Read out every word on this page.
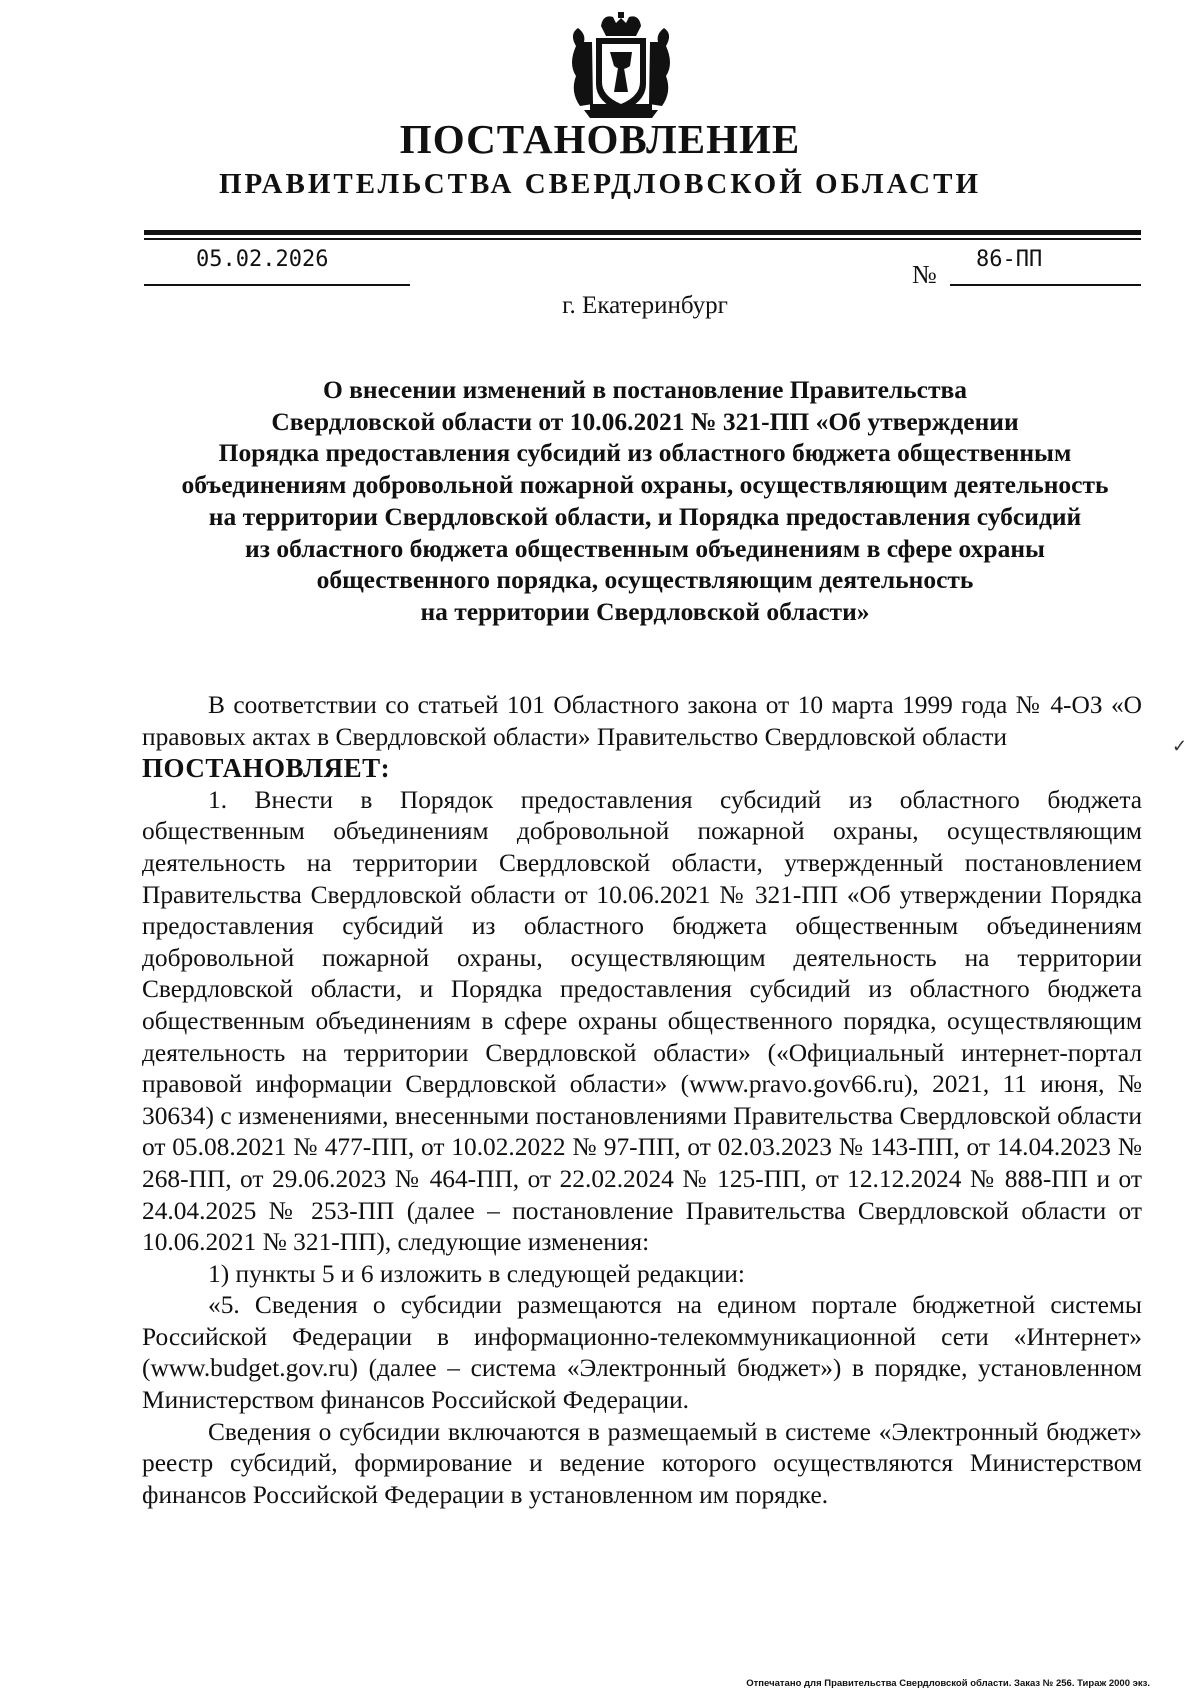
ПОСТАНОВЛЕНИЕ
ПРАВИТЕЛЬСТВА СВЕРДЛОВСКОЙ ОБЛАСТИ
05.02.2026
№
86-ПП
г. Екатеринбург
О внесении изменений в постановление Правительства
Свердловской области от 10.06.2021 № 321-ПП «Об утверждении
Порядка предоставления субсидий из областного бюджета общественным
объединениям добровольной пожарной охраны, осуществляющим деятельность
на территории Свердловской области, и Порядка предоставления субсидий
из областного бюджета общественным объединениям в сфере охраны
общественного порядка, осуществляющим деятельность
на территории Свердловской области»

В соответствии со статьей 101 Областного закона от 10 марта 1999 года № 4-ОЗ «О правовых актах в Свердловской области» Правительство Свердловской области

ПОСТАНОВЛЯЕТ:

1. Внести в Порядок предоставления субсидий из областного бюджета общественным объединениям добровольной пожарной охраны, осуществляющим деятельность на территории Свердловской области, утвержденный постановлением Правительства Свердловской области от 10.06.2021 № 321-ПП «Об утверждении Порядка предоставления субсидий из областного бюджета общественным объединениям добровольной пожарной охраны, осуществляющим деятельность на территории Свердловской области, и Порядка предоставления субсидий из областного бюджета общественным объединениям в сфере охраны общественного порядка, осуществляющим деятельность на территории Свердловской области» («Официальный интернет-портал правовой информации Свердловской области» (www.pravo.gov66.ru), 2021, 11 июня, № 30634) с изменениями, внесенными постановлениями Правительства Свердловской области от 05.08.2021 № 477-ПП, от 10.02.2022 № 97-ПП, от 02.03.2023 № 143-ПП, от 14.04.2023 № 268-ПП, от 29.06.2023 № 464-ПП, от 22.02.2024 № 125-ПП, от 12.12.2024 № 888-ПП и от 24.04.2025 № 253-ПП (далее – постановление Правительства Свердловской области от 10.06.2021 № 321-ПП), следующие изменения:

1) пункты 5 и 6 изложить в следующей редакции:

«5. Сведения о субсидии размещаются на едином портале бюджетной системы Российской Федерации в информационно-телекоммуникационной сети «Интернет» (www.budget.gov.ru) (далее – система «Электронный бюджет») в порядке, установленном Министерством финансов Российской Федерации.

Сведения о субсидии включаются в размещаемый в системе «Электронный бюджет» реестр субсидий, формирование и ведение которого осуществляются Министерством финансов Российской Федерации в установленном им порядке.

✓
Отпечатано для Правительства Свердловской области. Заказ № 256. Тираж 2000 экз.
